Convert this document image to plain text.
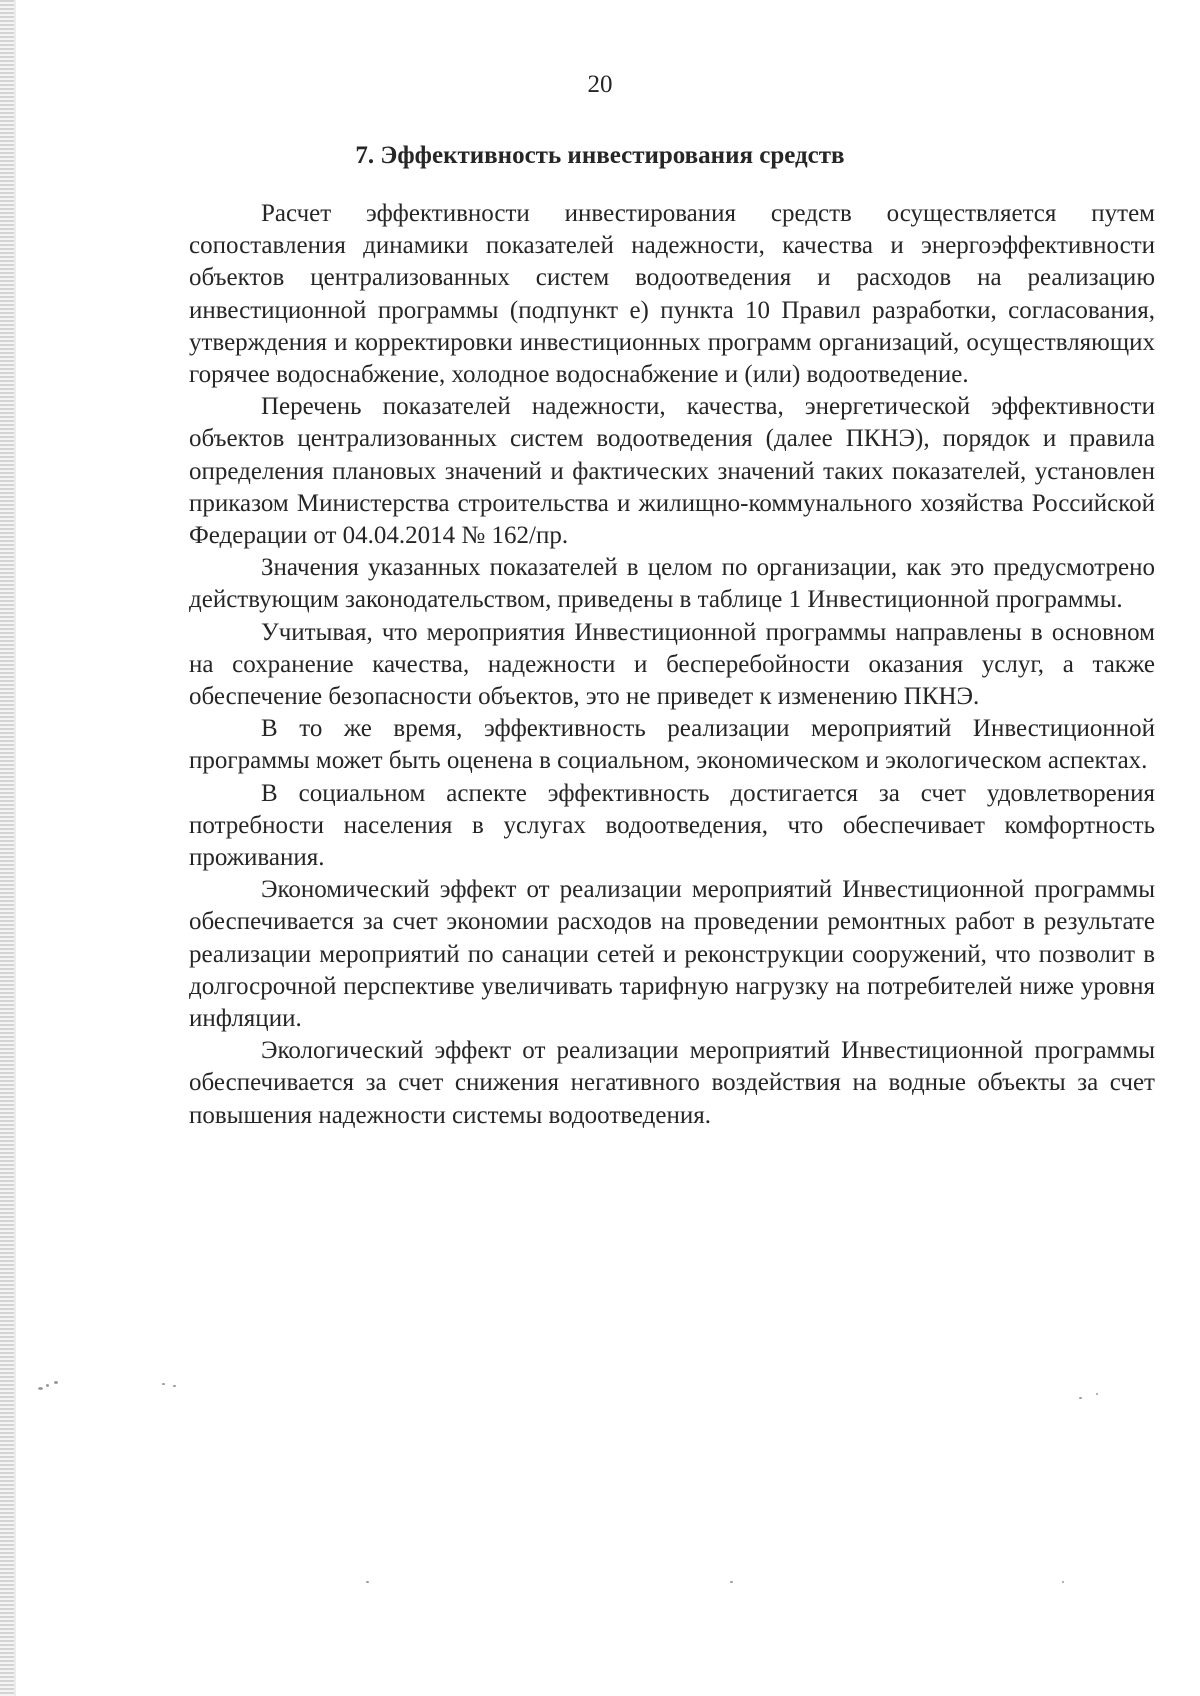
20
7. Эффективность инвестирования средств

Расчет эффективности инвестирования средств осуществляется путем сопоставления динамики показателей надежности, качества и энергоэффективности объектов централизованных систем водоотведения и расходов на реализацию инвестиционной программы (подпункт е) пункта 10 Правил разработки, согласования, утверждения и корректировки инвестиционных программ организаций, осуществляющих горячее водоснабжение, холодное водоснабжение и (или) водоотведение.

Перечень показателей надежности, качества, энергетической эффективности объектов централизованных систем водоотведения (далее ПКНЭ), порядок и правила определения плановых значений и фактических значений таких показателей, установлен приказом Министерства строительства и жилищно-коммунального хозяйства Российской Федерации от 04.04.2014 № 162/пр.

Значения указанных показателей в целом по организации, как это предусмотрено действующим законодательством, приведены в таблице 1 Инвестиционной программы.

Учитывая, что мероприятия Инвестиционной программы направлены в основном на сохранение качества, надежности и бесперебойности оказания услуг, а также обеспечение безопасности объектов, это не приведет к изменению ПКНЭ.

В то же время, эффективность реализации мероприятий Инвестиционной программы может быть оценена в социальном, экономическом и экологическом аспектах.

В социальном аспекте эффективность достигается за счет удовлетворения потребности населения в услугах водоотведения, что обеспечивает комфортность проживания.

Экономический эффект от реализации мероприятий Инвестиционной программы обеспечивается за счет экономии расходов на проведении ремонтных работ в результате реализации мероприятий по санации сетей и реконструкции сооружений, что позволит в долгосрочной перспективе увеличивать тарифную нагрузку на потребителей ниже уровня инфляции.

Экологический эффект от реализации мероприятий Инвестиционной программы обеспечивается за счет снижения негативного воздействия на водные объекты за счет повышения надежности системы водоотведения.
